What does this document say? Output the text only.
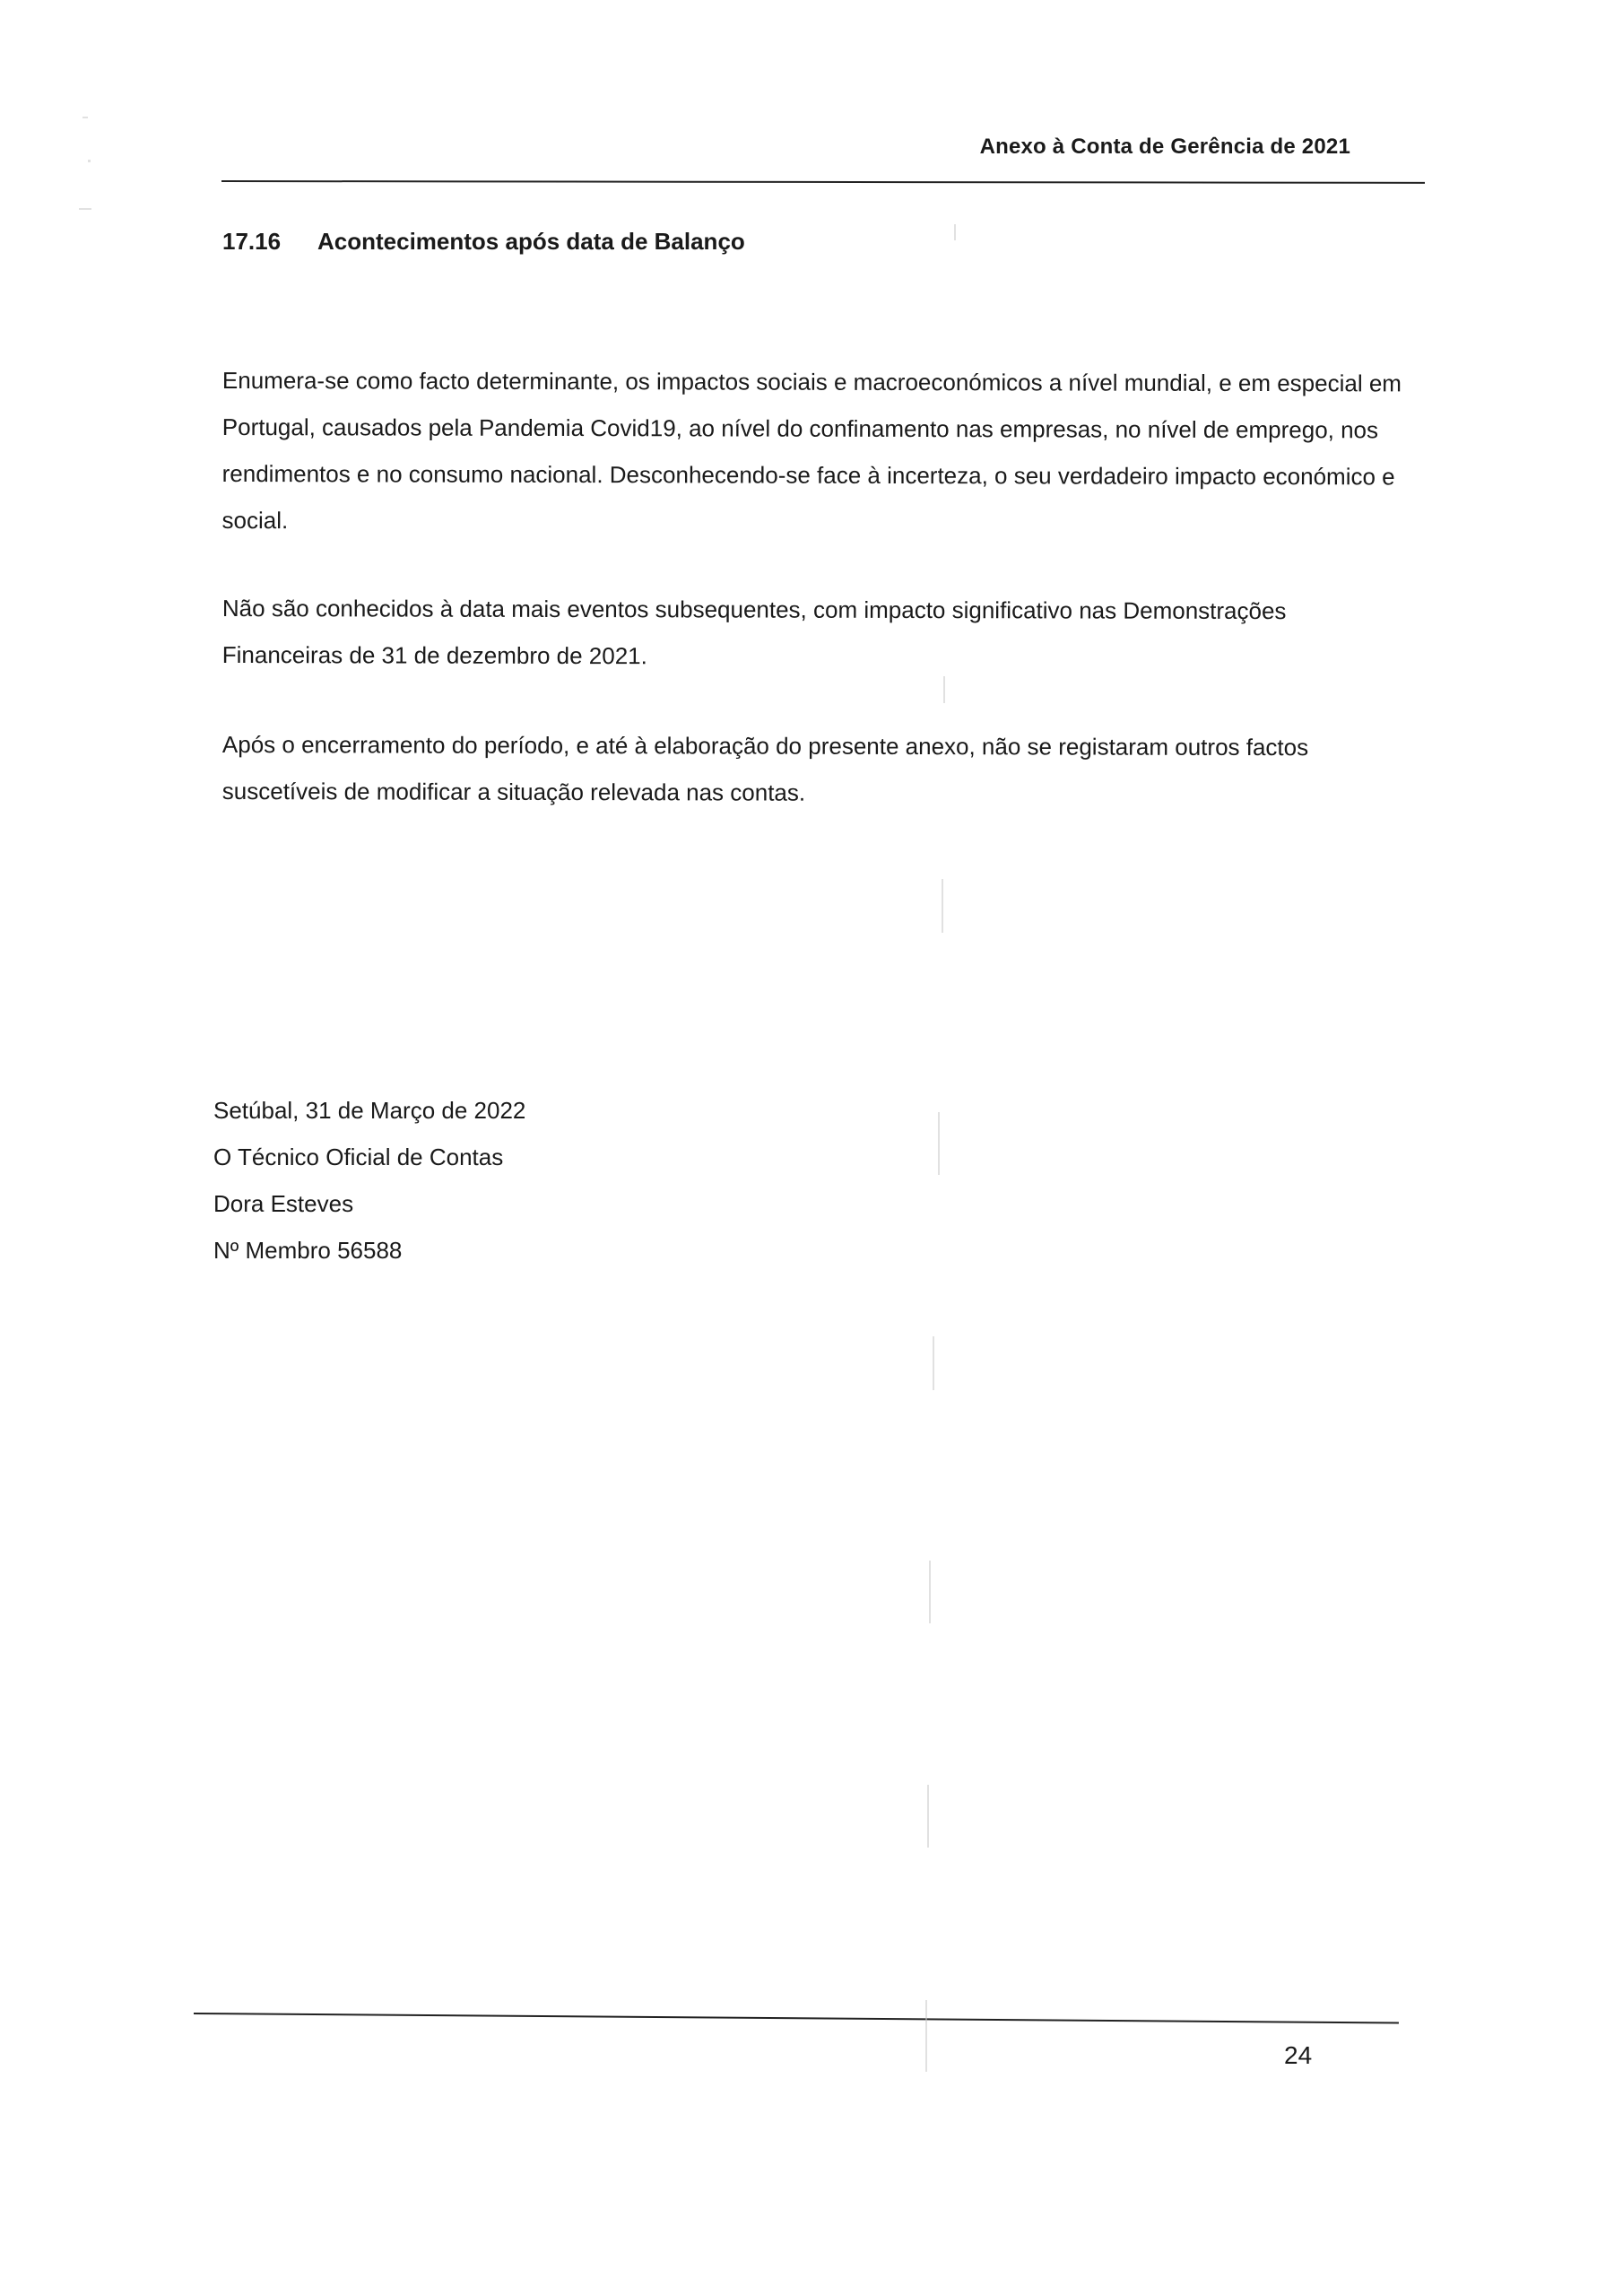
Anexo à Conta de Gerência de 2021
17.16 Acontecimentos após data de Balanço

Enumera-se como facto determinante, os impactos sociais e macroeconómicos a nível mundial, e em especial em Portugal, causados pela Pandemia Covid19, ao nível do confinamento nas empresas, no nível de emprego, nos rendimentos e no consumo nacional. Desconhecendo-se face à incerteza, o seu verdadeiro impacto económico e social.

Não são conhecidos à data mais eventos subsequentes, com impacto significativo nas Demonstrações Financeiras de 31 de dezembro de 2021.

Após o encerramento do período, e até à elaboração do presente anexo, não se registaram outros factos suscetíveis de modificar a situação relevada nas contas.

Setúbal, 31 de Março de 2022
O Técnico Oficial de Contas
Dora Esteves
Nº Membro 56588
24
